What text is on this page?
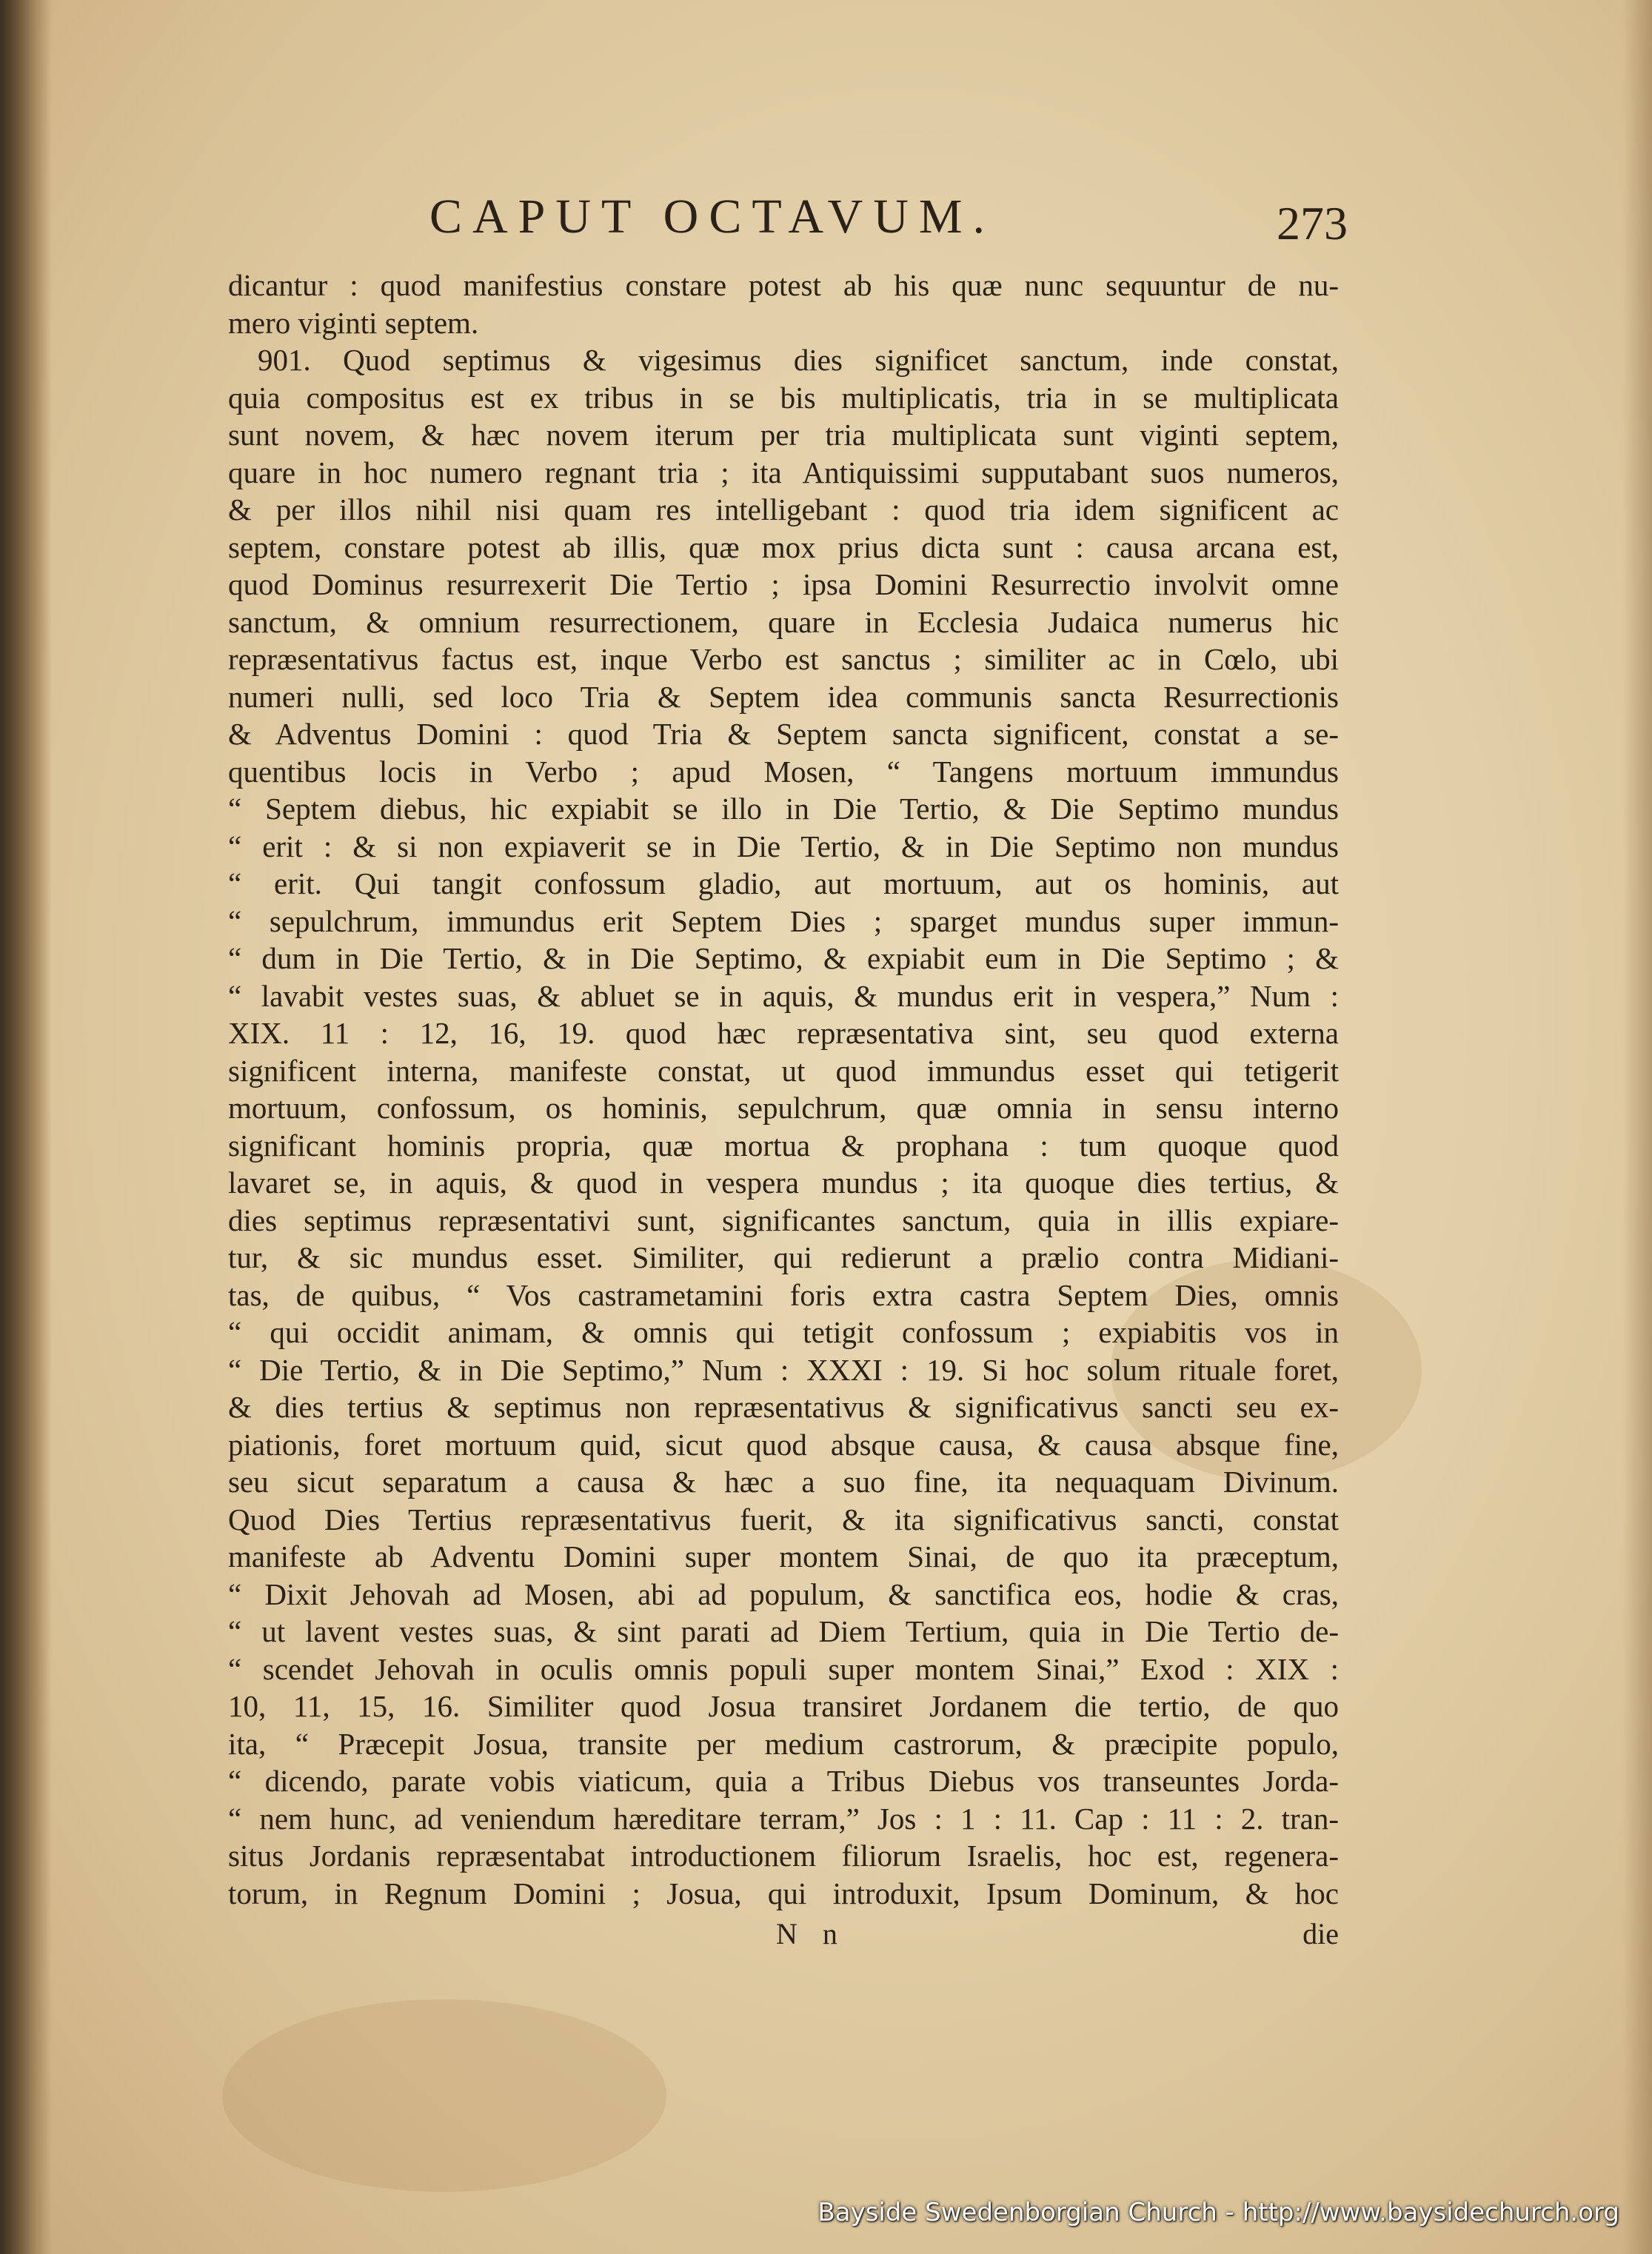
CAPUT OCTAVUM.	273
dicantur : quod manifestius constare potest ab his quæ nunc sequuntur de nu-
mero viginti septem.
901. Quod septimus & vigesimus dies significet sanctum, inde constat,
quia compositus est ex tribus in se bis multiplicatis, tria in se multiplicata
sunt novem, & hæc novem iterum per tria multiplicata sunt viginti septem,
quare in hoc numero regnant tria ; ita Antiquissimi supputabant suos numeros,
& per illos nihil nisi quam res intelligebant : quod tria idem significent ac
septem, constare potest ab illis, quæ mox prius dicta sunt : causa arcana est,
quod Dominus resurrexerit Die Tertio ; ipsa Domini Resurrectio involvit omne
sanctum, & omnium resurrectionem, quare in Ecclesia Judaica numerus hic
repræsentativus factus est, inque Verbo est sanctus ; similiter ac in Cœlo, ubi
numeri nulli, sed loco Tria & Septem idea communis sancta Resurrectionis
& Adventus Domini : quod Tria & Septem sancta significent, constat a se-
quentibus locis in Verbo ; apud Mosen, “ Tangens mortuum immundus
“ Septem diebus, hic expiabit se illo in Die Tertio, & Die Septimo mundus
“ erit : & si non expiaverit se in Die Tertio, & in Die Septimo non mundus
“ erit. Qui tangit confossum gladio, aut mortuum, aut os hominis, aut
“ sepulchrum, immundus erit Septem Dies ; sparget mundus super immun-
“ dum in Die Tertio, & in Die Septimo, & expiabit eum in Die Septimo ; &
“ lavabit vestes suas, & abluet se in aquis, & mundus erit in vespera,” Num :
XIX. 11 : 12, 16, 19. quod hæc repræsentativa sint, seu quod externa
significent interna, manifeste constat, ut quod immundus esset qui tetigerit
mortuum, confossum, os hominis, sepulchrum, quæ omnia in sensu interno
significant hominis propria, quæ mortua & prophana : tum quoque quod
lavaret se, in aquis, & quod in vespera mundus ; ita quoque dies tertius, &
dies septimus repræsentativi sunt, significantes sanctum, quia in illis expiare-
tur, & sic mundus esset. Similiter, qui redierunt a prælio contra Midiani-
tas, de quibus, “ Vos castrametamini foris extra castra Septem Dies, omnis
“ qui occidit animam, & omnis qui tetigit confossum ; expiabitis vos in
“ Die Tertio, & in Die Septimo,” Num : XXXI : 19. Si hoc solum rituale foret,
& dies tertius & septimus non repræsentativus & significativus sancti seu ex-
piationis, foret mortuum quid, sicut quod absque causa, & causa absque fine,
seu sicut separatum a causa & hæc a suo fine, ita nequaquam Divinum.
Quod Dies Tertius repræsentativus fuerit, & ita significativus sancti, constat
manifeste ab Adventu Domini super montem Sinai, de quo ita præceptum,
“ Dixit Jehovah ad Mosen, abi ad populum, & sanctifica eos, hodie & cras,
“ ut lavent vestes suas, & sint parati ad Diem Tertium, quia in Die Tertio de-
“ scendet Jehovah in oculis omnis populi super montem Sinai,” Exod : XIX :
10, 11, 15, 16. Similiter quod Josua transiret Jordanem die tertio, de quo
ita, “ Præcepit Josua, transite per medium castrorum, & præcipite populo,
“ dicendo, parate vobis viaticum, quia a Tribus Diebus vos transeuntes Jorda-
“ nem hunc, ad veniendum hæreditare terram,” Jos : 1 : 11. Cap : 11 : 2. tran-
situs Jordanis repræsentabat introductionem filiorum Israelis, hoc est, regenera-
torum, in Regnum Domini ; Josua, qui introduxit, Ipsum Dominum, & hoc
N n	die
Bayside Swedenborgian Church - http://www.baysidechurch.org
